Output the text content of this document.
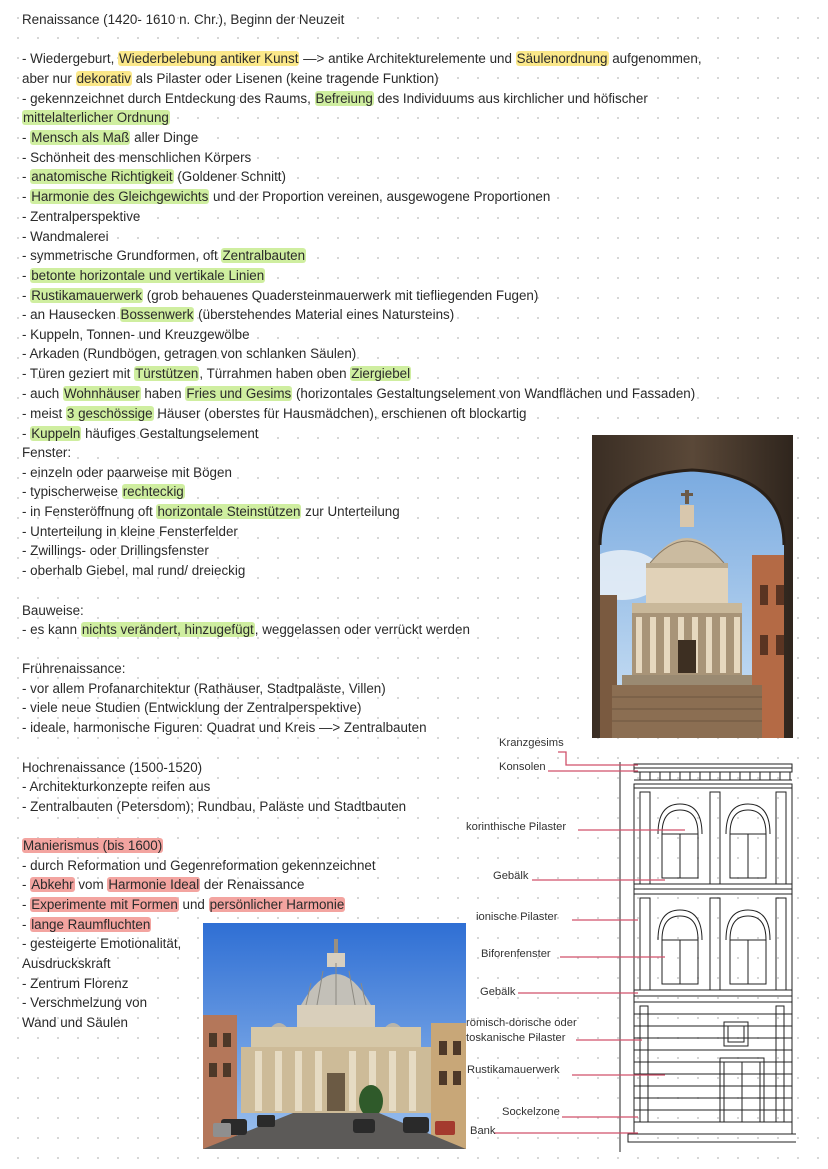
Renaissance (1420- 1610 n. Chr.), Beginn der Neuzeit

- Wiedergeburt, Wiederbelebung antiker Kunst —> antike Architekturelemente und Säulenordnung aufgenommen,

aber nur dekorativ als Pilaster oder Lisenen (keine tragende Funktion)

- gekennzeichnet durch Entdeckung des Raums, Befreiung des Individuums aus kirchlicher und höfischer

mittelalterlicher Ordnung

- Mensch als Maß aller Dinge

- Schönheit des menschlichen Körpers

- anatomische Richtigkeit (Goldener Schnitt)

- Harmonie des Gleichgewichts und der Proportion vereinen, ausgewogene Proportionen

- Zentralperspektive

- Wandmalerei

- symmetrische Grundformen, oft Zentralbauten

- betonte horizontale und vertikale Linien

- Rustikamauerwerk (grob behauenes Quadersteinmauerwerk mit tiefliegenden Fugen)

- an Hausecken Bossenwerk (überstehendes Material eines Natursteins)

- Kuppeln, Tonnen- und Kreuzgewölbe

- Arkaden (Rundbögen, getragen von schlanken Säulen)

- Türen geziert mit Türstützen, Türrahmen haben oben Ziergiebel

- auch Wohnhäuser haben Fries und Gesims (horizontales Gestaltungselement von Wandflächen und Fassaden)

- meist 3 geschössige Häuser (oberstes für Hausmädchen), erschienen oft blockartig

- Kuppeln häufiges Gestaltungselement

Fenster:

- einzeln oder paarweise mit Bögen

- typischerweise rechteckig

- in Fensteröffnung oft horizontale Steinstützen zur Unterteilung

- Unterteilung in kleine Fensterfelder

- Zwillings- oder Drillingsfenster

- oberhalb Giebel, mal rund/ dreieckig

Bauweise:

- es kann nichts verändert, hinzugefügt, weggelassen oder verrückt werden

Frührenaissance:

- vor allem Profanarchitektur (Rathäuser, Stadtpaläste, Villen)

- viele neue Studien (Entwicklung der Zentralperspektive)

- ideale, harmonische Figuren: Quadrat und Kreis —> Zentralbauten

Hochrenaissance (1500-1520)

- Architekturkonzepte reifen aus

- Zentralbauten (Petersdom); Rundbau, Paläste und Stadtbauten

Manierismus (bis 1600)

- durch Reformation und Gegenreformation gekennzeichnet

- Abkehr vom Harmonie Ideal der Renaissance

- Experimente mit Formen und persönlicher Harmonie

- lange Raumfluchten

- gesteigerte Emotionalität,

Ausdruckskraft

- Zentrum Florenz

- Verschmelzung von

Wand und Säulen

Kranzgesims
Konsolen
korinthische Pilaster
Gebälk
ionische Pilaster
Biforenfenster
Gebälk
römisch-dorische oder
toskanische Pilaster
Rustikamauerwerk
Sockelzone
Bank
